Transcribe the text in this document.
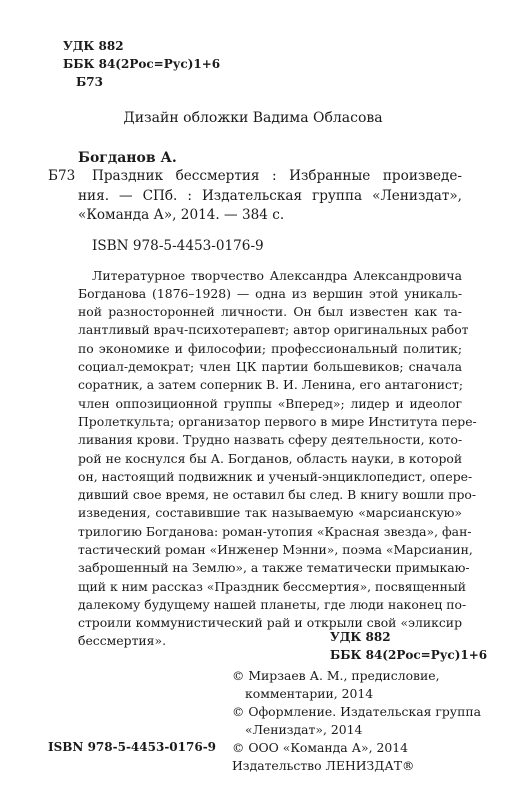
УДК 882
ББК 84(2Рос=Рус)1+6
Б73
Дизайн обложки Вадима Обласова
Богданов А.
Б73 Праздник бессмертия : Избранные произведе-
ния. — СПб. : Издательская группа «Лениздат»,
«Команда А», 2014. — 384 с.
ISBN 978-5-4453-0176-9
Литературное творчество Александра Александровича
Богданова (1876–1928) — одна из вершин этой уникаль-
ной разносторонней личности. Он был известен как та-
лантливый врач-психотерапевт; автор оригинальных работ
по экономике и философии; профессиональный политик;
социал-демократ; член ЦК партии большевиков; сначала
соратник, а затем соперник В. И. Ленина, его антагонист;
член оппозиционной группы «Вперед»; лидер и идеолог
Пролеткульта; организатор первого в мире Института пере-
ливания крови. Трудно назвать сферу деятельности, кото-
рой не коснулся бы А. Богданов, область науки, в которой
он, настоящий подвижник и ученый-энциклопедист, опере-
дивший свое время, не оставил бы след. В книгу вошли про-
изведения, составившие так называемую «марсианскую»
трилогию Богданова: роман-утопия «Красная звезда», фан-
тастический роман «Инженер Мэнни», поэма «Марсианин,
заброшенный на Землю», а также тематически примыкаю-
щий к ним рассказ «Праздник бессмертия», посвященный
далекому будущему нашей планеты, где люди наконец по-
строили коммунистический рай и открыли свой «эликсир
бессмертия».	УДК 882
ББК 84(2Рос=Рус)1+6
© Мирзаев А. М., предисловие,
комментарии, 2014
© Оформление. Издательская группа
«Лениздат», 2014
© ООО «Команда А», 2014
Издательство ЛЕНИЗДАТ®
ISBN 978-5-4453-0176-9
